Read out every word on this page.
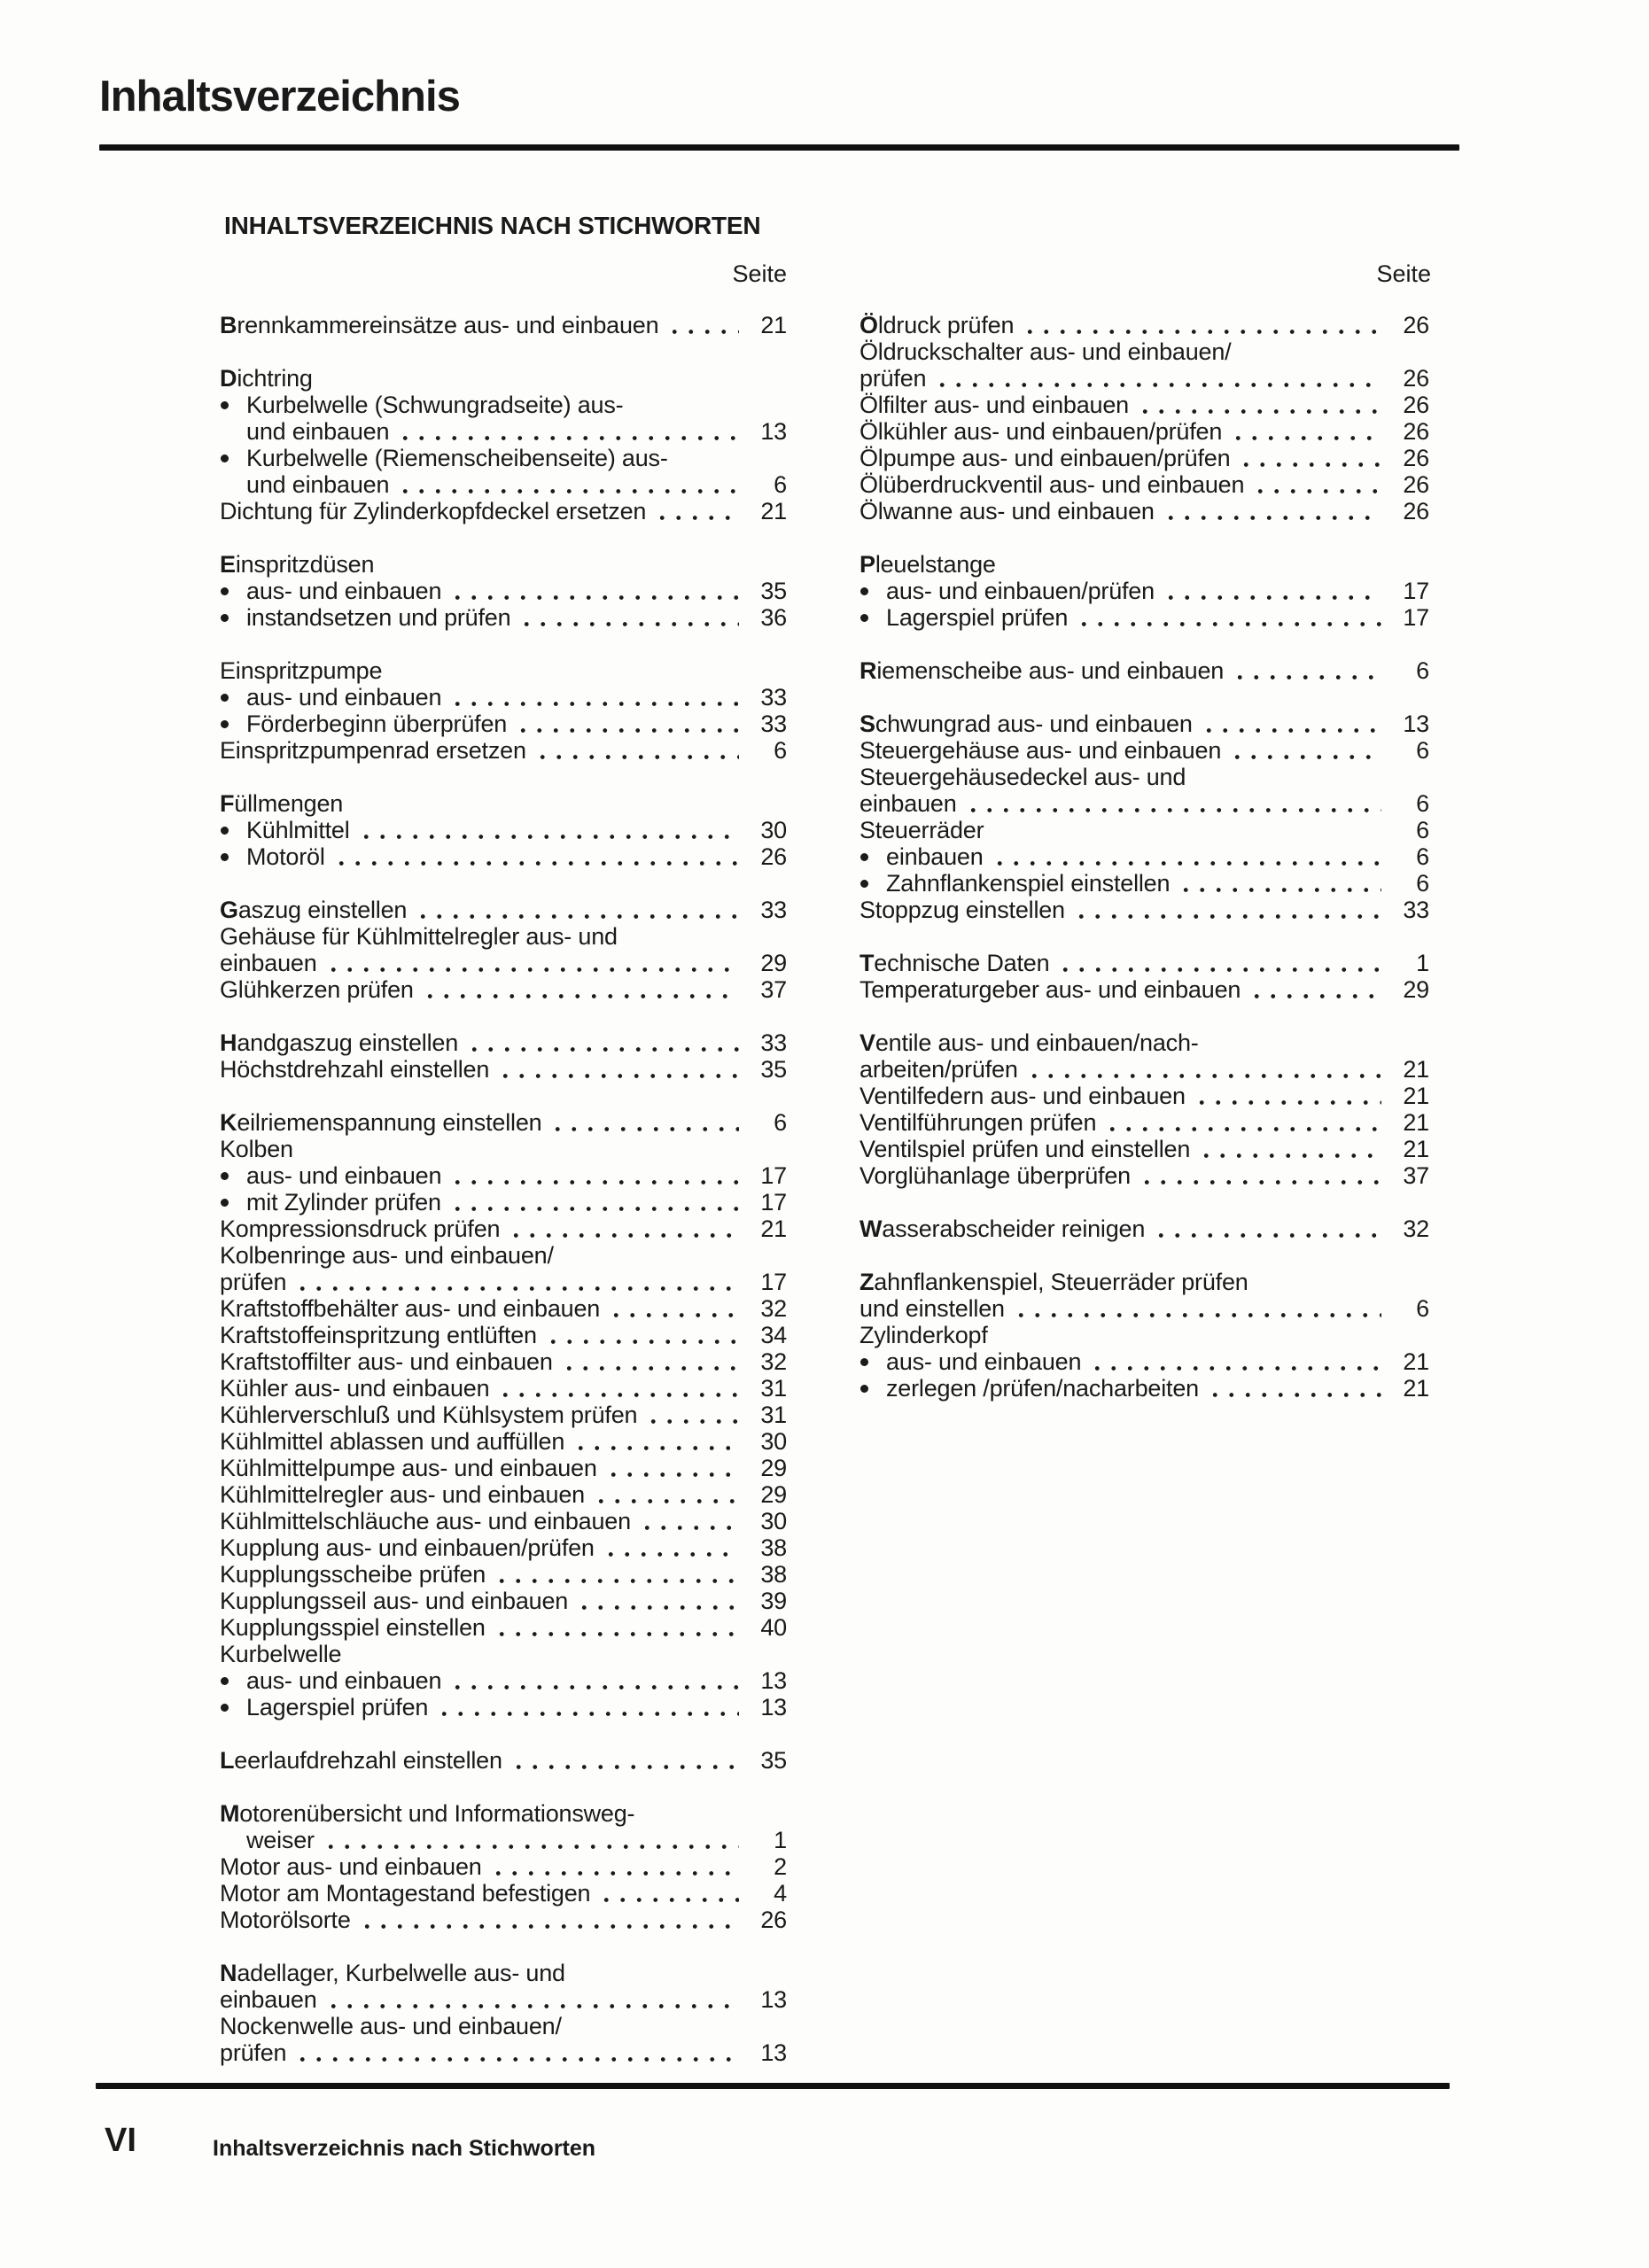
Inhaltsverzeichnis
INHALTSVERZEICHNIS NACH STICHWORTEN
Seite	Seite
Brennkammereinsätze aus- und einbauen	21
Dichtring
Kurbelwelle (Schwungradseite) aus-
und einbauen	13
Kurbelwelle (Riemenscheibenseite) aus-
und einbauen	6
Dichtung für Zylinderkopfdeckel ersetzen	21
Einspritzdüsen
aus- und einbauen	35
instandsetzen und prüfen	36
Einspritzpumpe
aus- und einbauen	33
Förderbeginn überprüfen	33
Einspritzpumpenrad ersetzen	6
Füllmengen
Kühlmittel	30
Motoröl	26
Gaszug einstellen	33
Gehäuse für Kühlmittelregler aus- und
einbauen	29
Glühkerzen prüfen	37
Handgaszug einstellen	33
Höchstdrehzahl einstellen	35
Keilriemenspannung einstellen	6
Kolben
aus- und einbauen	17
mit Zylinder prüfen	17
Kompressionsdruck prüfen	21
Kolbenringe aus- und einbauen/
prüfen	17
Kraftstoffbehälter aus- und einbauen	32
Kraftstoffeinspritzung entlüften	34
Kraftstoffilter aus- und einbauen	32
Kühler aus- und einbauen	31
Kühlerverschluß und Kühlsystem prüfen	31
Kühlmittel ablassen und auffüllen	30
Kühlmittelpumpe aus- und einbauen	29
Kühlmittelregler aus- und einbauen	29
Kühlmittelschläuche aus- und einbauen	30
Kupplung aus- und einbauen/prüfen	38
Kupplungsscheibe prüfen	38
Kupplungsseil aus- und einbauen	39
Kupplungsspiel einstellen	40
Kurbelwelle
aus- und einbauen	13
Lagerspiel prüfen	13
Leerlaufdrehzahl einstellen	35
Motorenübersicht und Informationsweg-
weiser	1
Motor aus- und einbauen	2
Motor am Montagestand befestigen	4
Motorölsorte	26
Nadellager, Kurbelwelle aus- und
einbauen	13
Nockenwelle aus- und einbauen/
prüfen	13
Öldruck prüfen	26
Öldruckschalter aus- und einbauen/
prüfen	26
Ölfilter aus- und einbauen	26
Ölkühler aus- und einbauen/prüfen	26
Ölpumpe aus- und einbauen/prüfen	26
Ölüberdruckventil aus- und einbauen	26
Ölwanne aus- und einbauen	26
Pleuelstange
aus- und einbauen/prüfen	17
Lagerspiel prüfen	17
Riemenscheibe aus- und einbauen	6
Schwungrad aus- und einbauen	13
Steuergehäuse aus- und einbauen	6
Steuergehäusedeckel aus- und
einbauen	6
Steuerräder	6
einbauen	6
Zahnflankenspiel einstellen	6
Stoppzug einstellen	33
Technische Daten	1
Temperaturgeber aus- und einbauen	29
Ventile aus- und einbauen/nach-
arbeiten/prüfen	21
Ventilfedern aus- und einbauen	21
Ventilführungen prüfen	21
Ventilspiel prüfen und einstellen	21
Vorglühanlage überprüfen	37
Wasserabscheider reinigen	32
Zahnflankenspiel, Steuerräder prüfen
und einstellen	6
Zylinderkopf
aus- und einbauen	21
zerlegen /prüfen/nacharbeiten	21
VI	Inhaltsverzeichnis nach Stichworten
